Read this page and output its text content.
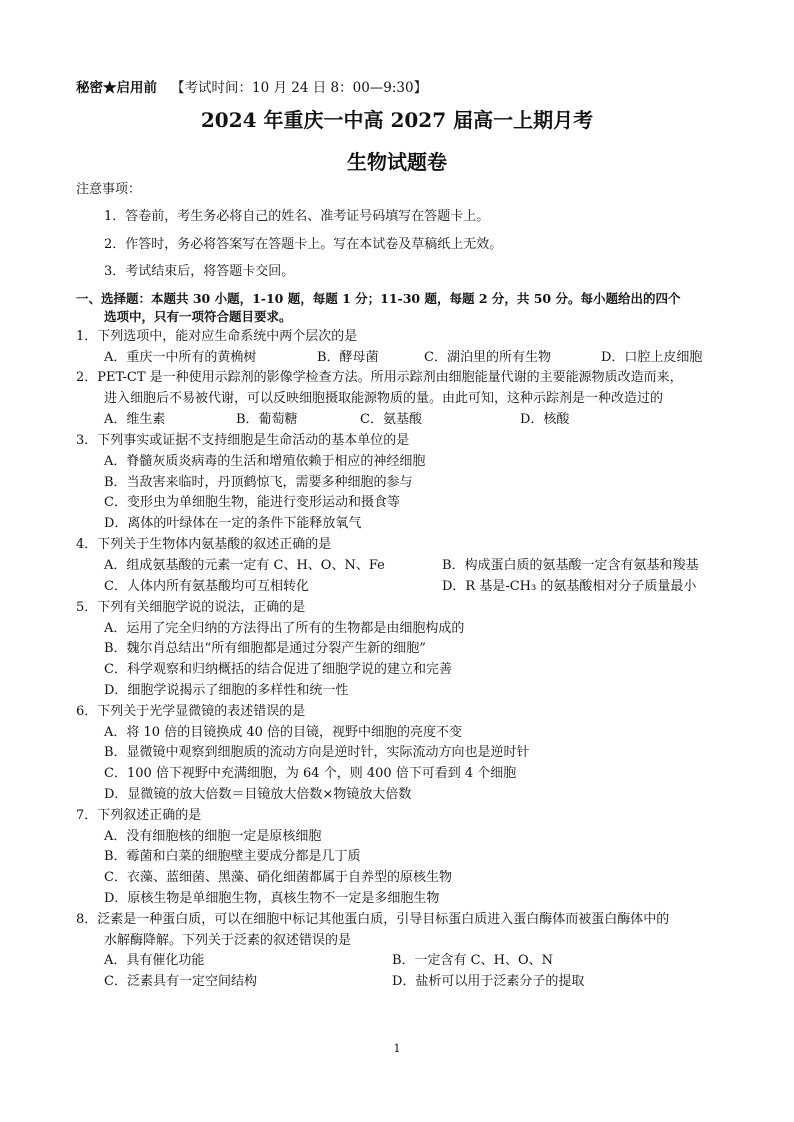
秘密★启用前 【考试时间：10 月 24 日 8：00—9:30】
2024 年重庆一中高 2027 届高一上期月考
生物试题卷
注意事项：
1．答卷前，考生务必将自己的姓名、准考证号码填写在答题卡上。
2．作答时，务必将答案写在答题卡上。写在本试卷及草稿纸上无效。
3．考试结束后，将答题卡交回。
一、选择题：本题共 30 小题，1-10 题，每题 1 分；11-30 题，每题 2 分，共 50 分。每小题给出的四个
选项中，只有一项符合题目要求。
1．下列选项中，能对应生命系统中两个层次的是
A．重庆一中所有的黄桷树	B．酵母菌	C．湖泊里的所有生物	D．口腔上皮细胞
2．PET-CT 是一种使用示踪剂的影像学检查方法。所用示踪剂由细胞能量代谢的主要能源物质改造而来，
进入细胞后不易被代谢，可以反映细胞摄取能源物质的量。由此可知，这种示踪剂是一种改造过的
A．维生素	B．葡萄糖	C．氨基酸	D．核酸
3．下列事实或证据不支持细胞是生命活动的基本单位的是
A．脊髓灰质炎病毒的生活和增殖依赖于相应的神经细胞
B．当敌害来临时，丹顶鹤惊飞，需要多种细胞的参与
C．变形虫为单细胞生物，能进行变形运动和摄食等
D．离体的叶绿体在一定的条件下能释放氧气
4．下列关于生物体内氨基酸的叙述正确的是
A．组成氨基酸的元素一定有 C、H、O、N、Fe	B．构成蛋白质的氨基酸一定含有氨基和羧基
C．人体内所有氨基酸均可互相转化	D．R 基是-CH₃ 的氨基酸相对分子质量最小
5．下列有关细胞学说的说法，正确的是
A．运用了完全归纳的方法得出了所有的生物都是由细胞构成的
B．魏尔肖总结出“所有细胞都是通过分裂产生新的细胞”
C．科学观察和归纳概括的结合促进了细胞学说的建立和完善
D．细胞学说揭示了细胞的多样性和统一性
6．下列关于光学显微镜的表述错误的是
A．将 10 倍的目镜换成 40 倍的目镜，视野中细胞的亮度不变
B．显微镜中观察到细胞质的流动方向是逆时针，实际流动方向也是逆时针
C．100 倍下视野中充满细胞，为 64 个，则 400 倍下可看到 4 个细胞
D．显微镜的放大倍数＝目镜放大倍数×物镜放大倍数
7．下列叙述正确的是
A．没有细胞核的细胞一定是原核细胞
B．霉菌和白菜的细胞壁主要成分都是几丁质
C．衣藻、蓝细菌、黑藻、硝化细菌都属于自养型的原核生物
D．原核生物是单细胞生物，真核生物不一定是多细胞生物
8．泛素是一种蛋白质，可以在细胞中标记其他蛋白质，引导目标蛋白质进入蛋白酶体而被蛋白酶体中的
水解酶降解。下列关于泛素的叙述错误的是
A．具有催化功能	B．一定含有 C、H、O、N
C．泛素具有一定空间结构	D．盐析可以用于泛素分子的提取
1
